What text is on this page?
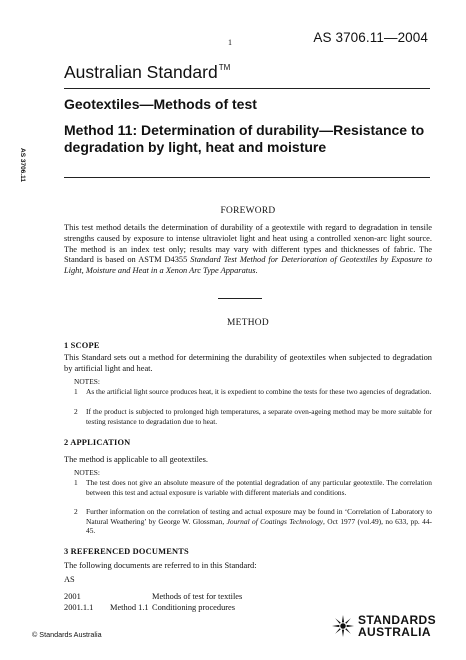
1	AS 3706.11—2004
AS 3706.11
Australian Standard™
Geotextiles—Methods of test
Method 11: Determination of durability—Resistance to degradation by light, heat and moisture
FOREWORD
This test method details the determination of durability of a geotextile with regard to degradation in tensile strengths caused by exposure to intense ultraviolet light and heat using a controlled xenon-arc light source. The method is an index test only; results may vary with different types and thicknesses of fabric. The Standard is based on ASTM D4355 Standard Test Method for Deterioration of Geotextiles by Exposure to Light, Moisture and Heat in a Xenon Arc Type Apparatus.
METHOD
1 SCOPE
This Standard sets out a method for determining the durability of geotextiles when subjected to degradation by artificial light and heat.
NOTES:
1 As the artificial light source produces heat, it is expedient to combine the tests for these two agencies of degradation.
2 If the product is subjected to prolonged high temperatures, a separate oven-ageing method may be more suitable for testing resistance to degradation due to heat.
2 APPLICATION
The method is applicable to all geotextiles.
NOTES:
1 The test does not give an absolute measure of the potential degradation of any particular geotextile. The correlation between this test and actual exposure is variable with different materials and conditions.
2 Further information on the correlation of testing and actual exposure may be found in ‘Correlation of Laboratory to Natural Weathering’ by George W. Glossman, Journal of Coatings Technology, Oct 1977 (vol.49), no 633, pp. 44-45.
3 REFERENCED DOCUMENTS
The following documents are referred to in this Standard:
AS
2001	Methods of test for textiles
2001.1.1 Method 1.1 Conditioning procedures
© Standards Australia
STANDARDS
AUSTRALIA
